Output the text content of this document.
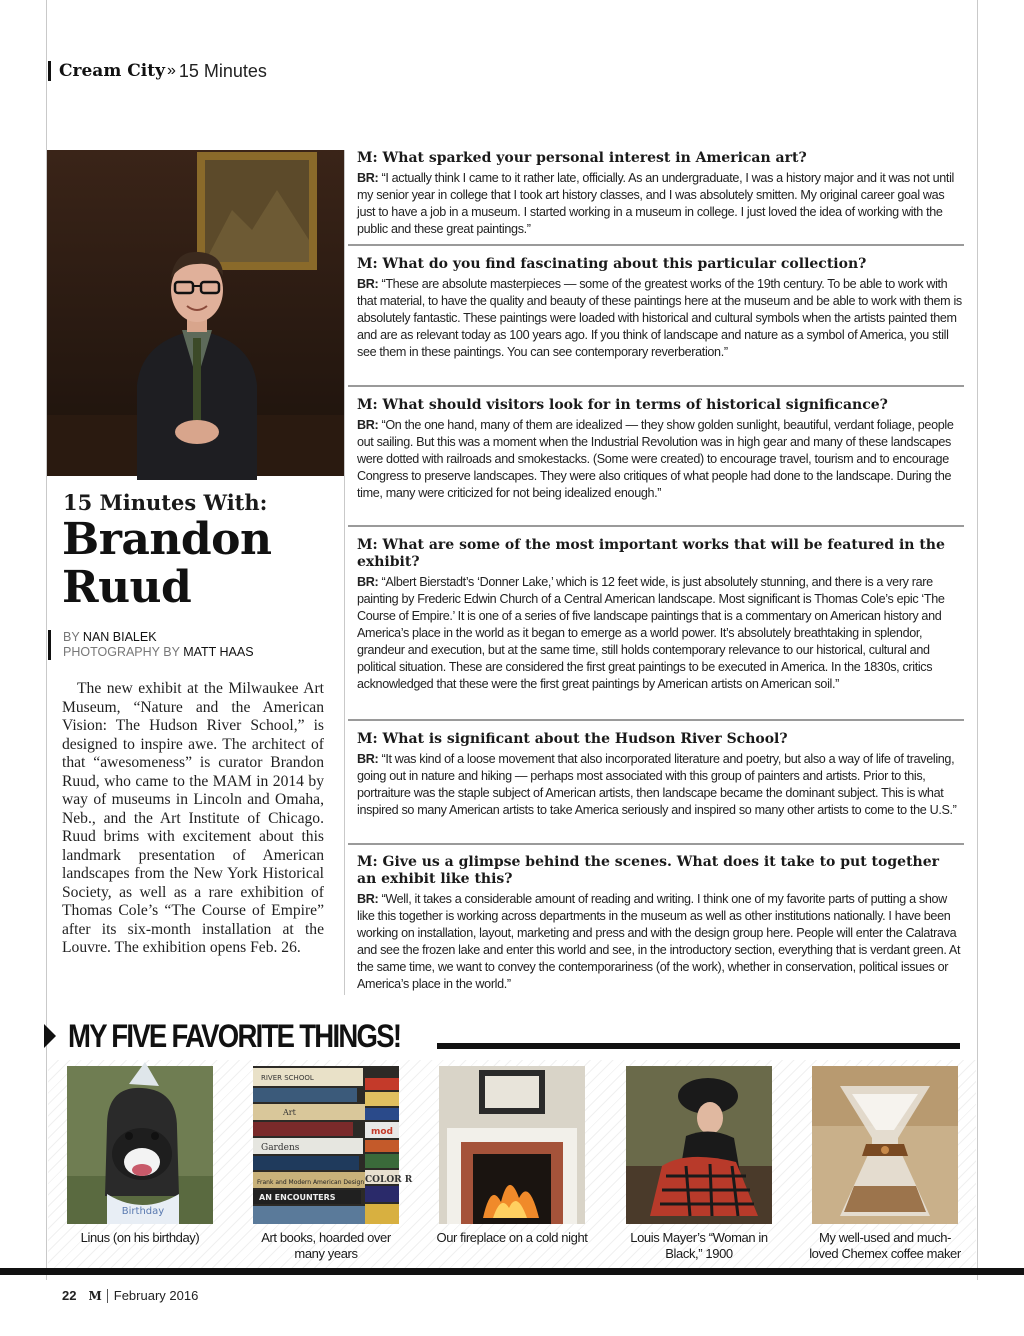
Cream City » 15 Minutes
15 Minutes With:
Brandon
Ruud
BY NAN BIALEK
PHOTOGRAPHY BY MATT HAAS

The new exhibit at the Milwaukee Art Museum, “Nature and the American Vision: The Hudson River School,” is designed to inspire awe. The architect of that “awesomeness” is curator Brandon Ruud, who came to the MAM in 2014 by way of museums in Lincoln and Omaha, Neb., and the Art Institute of Chicago. Ruud brims with excitement about this landmark presentation of American landscapes from the New York Historical Society, as well as a rare exhibition of Thomas Cole’s “The Course of Empire” after its six-month installation at the Louvre. The exhibition opens Feb. 26.

M: What sparked your personal interest in American art?
BR: “I actually think I came to it rather late, officially. As an undergraduate, I was a history major and it was not until my senior year in college that I took art history classes, and I was absolutely smitten. My original career goal was just to have a job in a museum. I started working in a museum in college. I just loved the idea of working with the public and these great paintings.”
M: What do you find fascinating about this particular collection?
BR: “These are absolute masterpieces — some of the greatest works of the 19th century. To be able to work with that material, to have the quality and beauty of these paintings here at the museum and be able to work with them is absolutely fantastic. These paintings were loaded with historical and cultural symbols when the artists painted them and are as relevant today as 100 years ago. If you think of landscape and nature as a symbol of America, you still see them in these paintings. You can see contemporary reverberation.”
M: What should visitors look for in terms of historical significance?
BR: “On the one hand, many of them are idealized — they show golden sunlight, beautiful, verdant foliage, people out sailing. But this was a moment when the Industrial Revolution was in high gear and many of these landscapes were dotted with railroads and smokestacks. (Some were created) to encourage travel, tourism and to encourage Congress to preserve landscapes. They were also critiques of what people had done to the landscape. During the time, many were criticized for not being idealized enough.”
M: What are some of the most important works that will be featured in the exhibit?
BR: “Albert Bierstadt’s ‘Donner Lake,’ which is 12 feet wide, is just absolutely stunning, and there is a very rare painting by Frederic Edwin Church of a Central American landscape. Most significant is Thomas Cole’s epic ‘The Course of Empire.’ It is one of a series of five landscape paintings that is a commentary on American history and America’s place in the world as it began to emerge as a world power. It’s absolutely breathtaking in splendor, grandeur and execution, but at the same time, still holds contemporary relevance to our historical, cultural and political situation. These are considered the first great paintings to be executed in America. In the 1830s, critics acknowledged that these were the first great paintings by American artists on American soil.”
M: What is significant about the Hudson River School?
BR: “It was kind of a loose movement that also incorporated literature and poetry, but also a way of life of traveling, going out in nature and hiking — perhaps most associated with this group of painters and artists. Prior to this, portraiture was the staple subject of American artists, then landscape became the dominant subject. This is what inspired so many American artists to take America seriously and inspired so many other artists to come to the U.S.”
M: Give us a glimpse behind the scenes. What does it take to put together an exhibit like this?
BR: “Well, it takes a considerable amount of reading and writing. I think one of my favorite parts of putting a show like this together is working across departments in the museum as well as other institutions nationally. I have been working on installation, layout, marketing and press and with the design group here. People will enter the Calatrava and see the frozen lake and enter this world and see, in the introductory section, everything that is verdant green. At the same time, we want to convey the contemporariness (of the work), whether in conservation, political issues or America’s place in the world.”
MY FIVE FAVORITE THINGS!
Birthday
Linus (on his birthday)
RIVER SCHOOL
Art
mod
Gardens
COLOR R
Frank and Modern American Design
AN ENCOUNTERS
Art books, hoarded over many years
Our fireplace on a cold night	Louis Mayer’s “Woman in Black,” 1900
My well-used and much-loved Chemex coffee maker
22 M February 2016
